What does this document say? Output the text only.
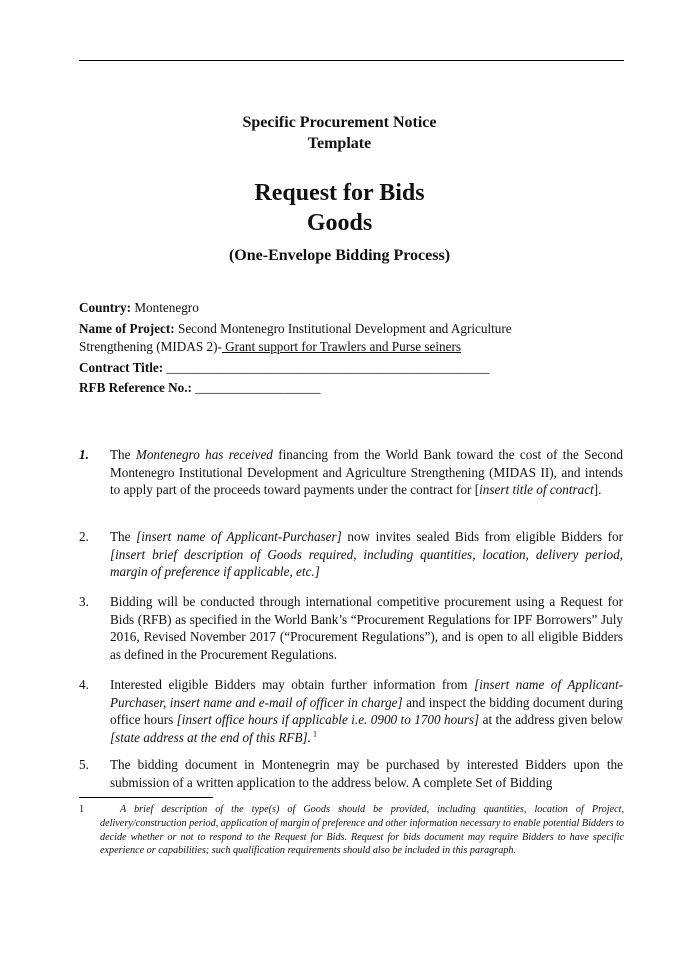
Specific Procurement Notice
Template
Request for Bids
Goods
(One-Envelope Bidding Process)
Country: Montenegro
Name of Project: Second Montenegro Institutional Development and Agriculture
Strengthening (MIDAS 2)- Grant support for Trawlers and Purse seiners
Contract Title: _________________________________________________
RFB Reference No.: ___________________
1.	The Montenegro has received financing from the World Bank toward the cost of the Second Montenegro Institutional Development and Agriculture Strengthening (MIDAS II), and intends to apply part of the proceeds toward payments under the contract for [insert title of contract].
2.	The [insert name of Applicant-Purchaser] now invites sealed Bids from eligible Bidders for [insert brief description of Goods required, including quantities, location, delivery period, margin of preference if applicable, etc.]
3.	Bidding will be conducted through international competitive procurement using a Request for Bids (RFB) as specified in the World Bank’s “Procurement Regulations for IPF Borrowers” July 2016, Revised November 2017 (“Procurement Regulations”), and is open to all eligible Bidders as defined in the Procurement Regulations.
4.	Interested eligible Bidders may obtain further information from [insert name of Applicant-Purchaser, insert name and e-mail of officer in charge] and inspect the bidding document during office hours [insert office hours if applicable i.e. 0900 to 1700 hours] at the address given below [state address at the end of this RFB]. $^1$
5.	The bidding document in Montenegrin may be purchased by interested Bidders upon the submission of a written application to the address below. A complete Set of Bidding
1	A brief description of the type(s) of Goods should be provided, including quantities, location of Project, delivery/construction period, application of margin of preference and other information necessary to enable potential Bidders to decide whether or not to respond to the Request for Bids. Request for bids document may require Bidders to have specific experience or capabilities; such qualification requirements should also be included in this paragraph.
